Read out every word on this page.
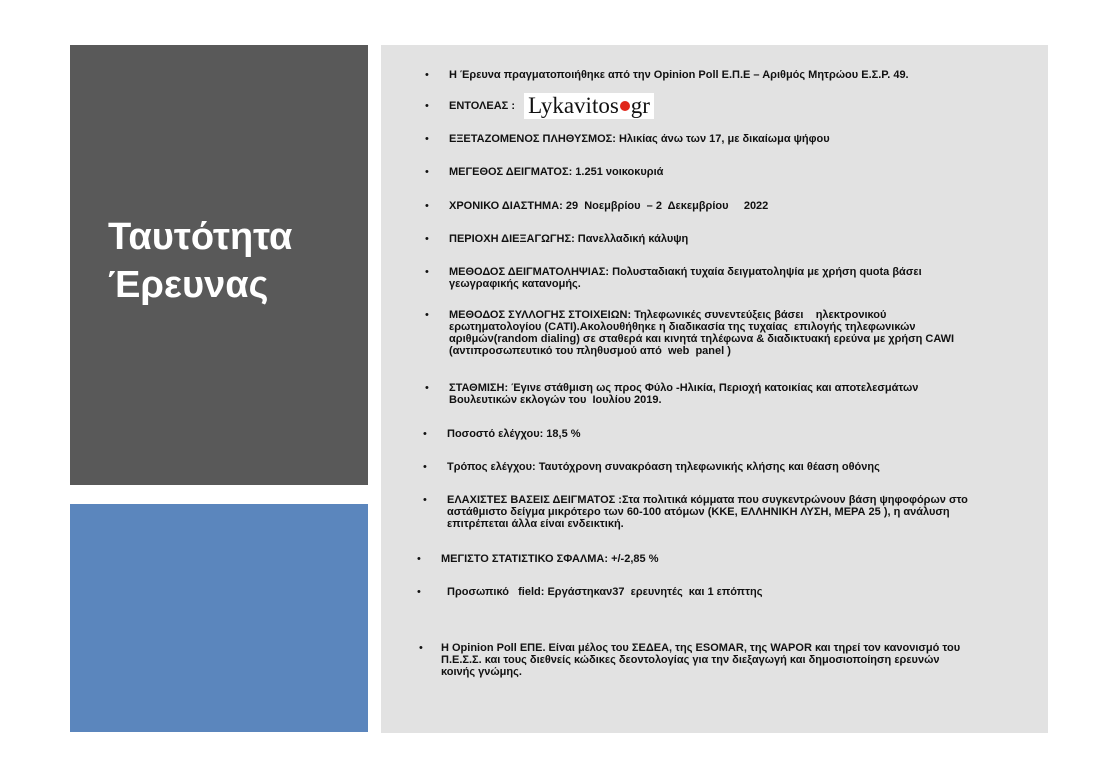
Ταυτότητα
Έρευνας
• Η Έρευνα πραγματοποιήθηκε από την Opinion Poll Ε.Π.Ε – Αριθμός Μητρώου Ε.Σ.Ρ. 49.
• ΕΝΤΟΛΕΑΣ : Lykavitos gr
• ΕΞΕΤΑΖΟΜΕΝΟΣ ΠΛΗΘΥΣΜΟΣ: Ηλικίας άνω των 17, με δικαίωμα ψήφου
• ΜΕΓΕΘΟΣ ΔΕΙΓΜΑΤΟΣ: 1.251 νοικοκυριά
• ΧΡΟΝΙΚΟ ΔΙΑΣΤΗΜΑ: 29  Νοεμβρίου  – 2  Δεκεμβρίου     2022
• ΠΕΡΙΟΧΗ ΔΙΕΞΑΓΩΓΗΣ: Πανελλαδική κάλυψη
• ΜΕΘΟΔΟΣ ΔΕΙΓΜΑΤΟΛΗΨΙΑΣ: Πολυσταδιακή τυχαία δειγματοληψία με χρήση quota βάσει
γεωγραφικής κατανομής.
• ΜΕΘΟΔΟΣ ΣΥΛΛΟΓΗΣ ΣΤΟΙΧΕΙΩΝ: Τηλεφωνικές συνεντεύξεις βάσει    ηλεκτρονικού
ερωτηματολογίου (CATI).Ακολουθήθηκε η διαδικασία της τυχαίας  επιλογής τηλεφωνικών
αριθμών(random dialing) σε σταθερά και κινητά τηλέφωνα & διαδικτυακή ερεύνα με χρήση CAWI
(αντιπροσωπευτικό του πληθυσμού από  web  panel )
• ΣΤΑΘΜΙΣΗ: Έγινε στάθμιση ως προς Φύλο -Ηλικία, Περιοχή κατοικίας και αποτελεσμάτων
Βουλευτικών εκλογών του  Ιουλίου 2019.
• Ποσοστό ελέγχου: 18,5 %
• Τρόπος ελέγχου: Ταυτόχρονη συνακρόαση τηλεφωνικής κλήσης και θέαση οθόνης
• ΕΛΑΧΙΣΤΕΣ ΒΑΣΕΙΣ ΔΕΙΓΜΑΤΟΣ :Στα πολιτικά κόμματα που συγκεντρώνουν βάση ψηφοφόρων στο
αστάθμιστο δείγμα μικρότερο των 60-100 ατόμων (ΚΚΕ, ΕΛΛΗΝΙΚΗ ΛΥΣΗ, ΜΕΡΑ 25 ), η ανάλυση
επιτρέπεται άλλα είναι ενδεικτική.
• ΜΕΓΙΣΤΟ ΣΤΑΤΙΣΤΙΚΟ ΣΦΑΛΜΑ: +/-2,85 %
• Προσωπικό   field: Εργάστηκαν37  ερευνητές  και 1 επόπτης
• Η Opinion Poll ΕΠΕ. Είναι μέλος του ΣΕΔΕΑ, της ESOMAR, της WAPOR και τηρεί τον κανονισμό του
Π.Ε.Σ.Σ. και τους διεθνείς κώδικες δεοντολογίας για την διεξαγωγή και δημοσιοποίηση ερευνών
κοινής γνώμης.
